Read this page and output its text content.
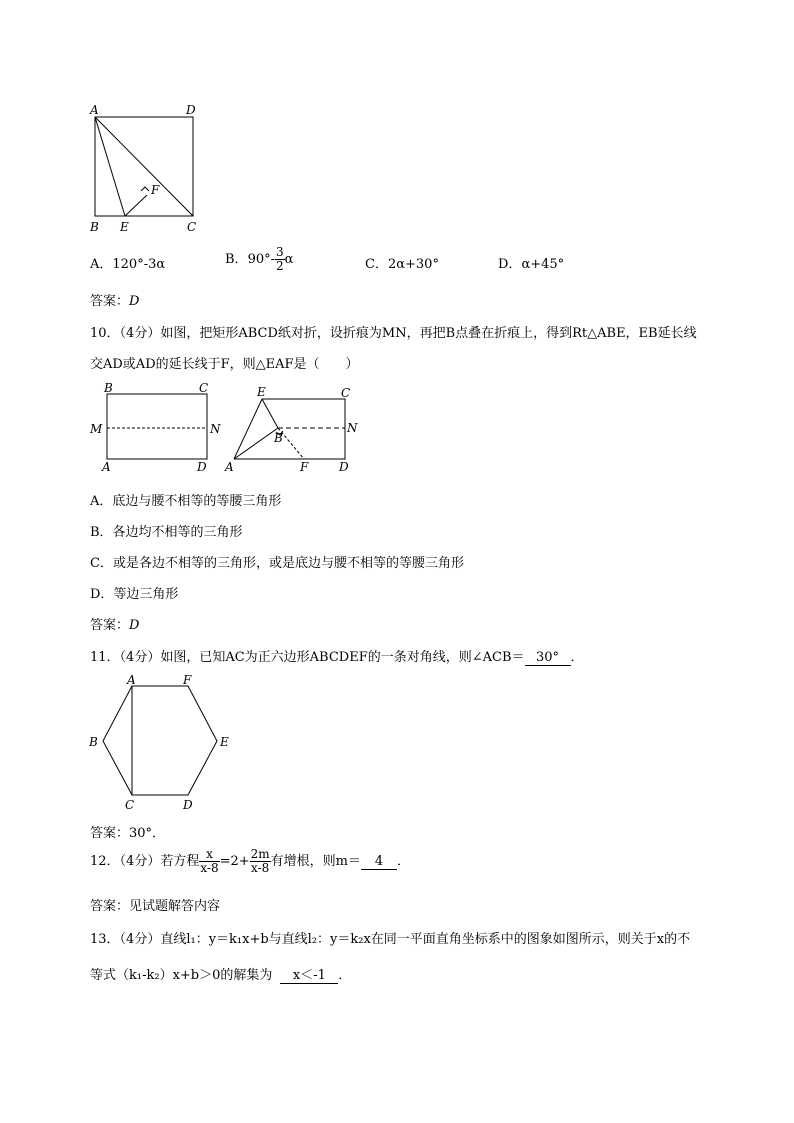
A	D
F
B E	C
A．120°-3α	B．$90^\circ- \frac{3}{2}$ α	C．2α+30°	D．α+45°
答案：D
10．（4分）如图，把矩形ABCD纸对折，设折痕为MN，再把B点叠在折痕上，得到Rt△ABE，EB延长线
交AD或AD的延长线于F，则△EAF是（　　）
B	C
M	N
A	D
E	C
B
N
A	F	D
A．底边与腰不相等的等腰三角形
B．各边均不相等的三角形
C．或是各边不相等的三角形，或是底边与腰不相等的等腰三角形
D．等边三角形
答案：D
11．（4分）如图，已知AC为正六边形ABCDEF的一条对角线，则∠ACB＝ 30° ．
A	F
B	E
C	D
答案：30°．
12．（4分）若方程 $\frac{x}{x-8} =2+ \frac{2m}{x-8}$ 有增根，则m＝ 4 ．
答案：见试题解答内容
13．（4分）直线l₁：y＝k₁x+b与直线l₂：y＝k₂x在同一平面直角坐标系中的图象如图所示，则关于x的不
等式（k₁-k₂）x+b＞0的解集为 x＜-1 ．
